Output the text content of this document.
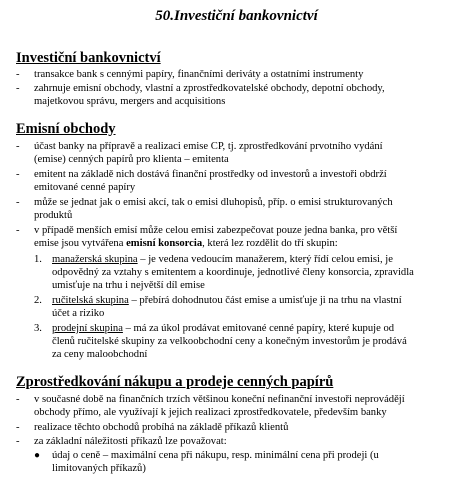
50.Investiční bankovnictví
Investiční bankovnictví
- transakce bank s cennými papíry, finančními deriváty a ostatními instrumenty
- zahrnuje emisní obchody, vlastní a zprostředkovatelské obchody, depotní obchody,
majetkovou správu, mergers and acquisitions
Emisní obchody
- účast banky na přípravě a realizaci emise CP, tj. zprostředkování prvotního vydání
(emise) cenných papírů pro klienta – emitenta
- emitent na základě nich dostává finanční prostředky od investorů a investoři obdrží
emitované cenné papíry
- může se jednat jak o emisi akcí, tak o emisi dluhopisů, příp. o emisi strukturovaných
produktů
- v případě menších emisí může celou emisi zabezpečovat pouze jedna banka, pro větší
emise jsou vytvářena emisní konsorcia, která lez rozdělit do tří skupin:
1. manažerská skupina – je vedena vedoucím manažerem, který řídí celou emisi, je
odpovědný za vztahy s emitentem a koordinuje, jednotlivé členy konsorcia, zpravidla
umisťuje na trhu i největší díl emise
2. ručitelská skupina – přebírá dohodnutou část emise a umisťuje ji na trhu na vlastní
účet a riziko
3. prodejní skupina – má za úkol prodávat emitované cenné papíry, které kupuje od
členů ručitelské skupiny za velkoobchodní ceny a konečným investorům je prodává
za ceny maloobchodní
Zprostředkování nákupu a prodeje cenných papírů
- v současné době na finančních trzích většinou koneční nefinanční investoři neprovádějí
obchody přímo, ale využívají k jejich realizaci zprostředkovatele, především banky
- realizace těchto obchodů probíhá na základě příkazů klientů
- za základní náležitosti příkazů lze považovat:
● údaj o ceně – maximální cena při nákupu, resp. minimální cena při prodeji (u
limitovaných příkazů)
